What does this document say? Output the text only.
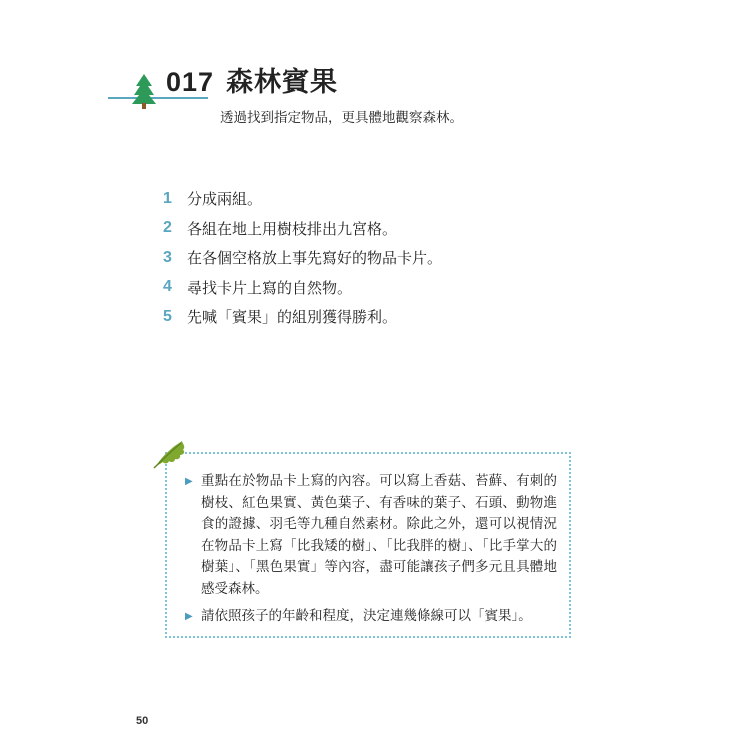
017 森林賓果
透過找到指定物品，更具體地觀察森林。
1	分成兩組。
2	各組在地上用樹枝排出九宮格。
3	在各個空格放上事先寫好的物品卡片。
4	尋找卡片上寫的自然物。
5	先喊「賓果」的組別獲得勝利。
▶ 重點在於物品卡上寫的內容。可以寫上香菇、苔蘚、有刺的樹枝、紅色果實、黃色葉子、有香味的葉子、石頭、動物進食的證據、羽毛等九種自然素材。除此之外，還可以視情況在物品卡上寫「比我矮的樹」、「比我胖的樹」、「比手掌大的樹葉」、「黑色果實」等內容，盡可能讓孩子們多元且具體地感受森林。
▶ 請依照孩子的年齡和程度，決定連幾條線可以「賓果」。
50
